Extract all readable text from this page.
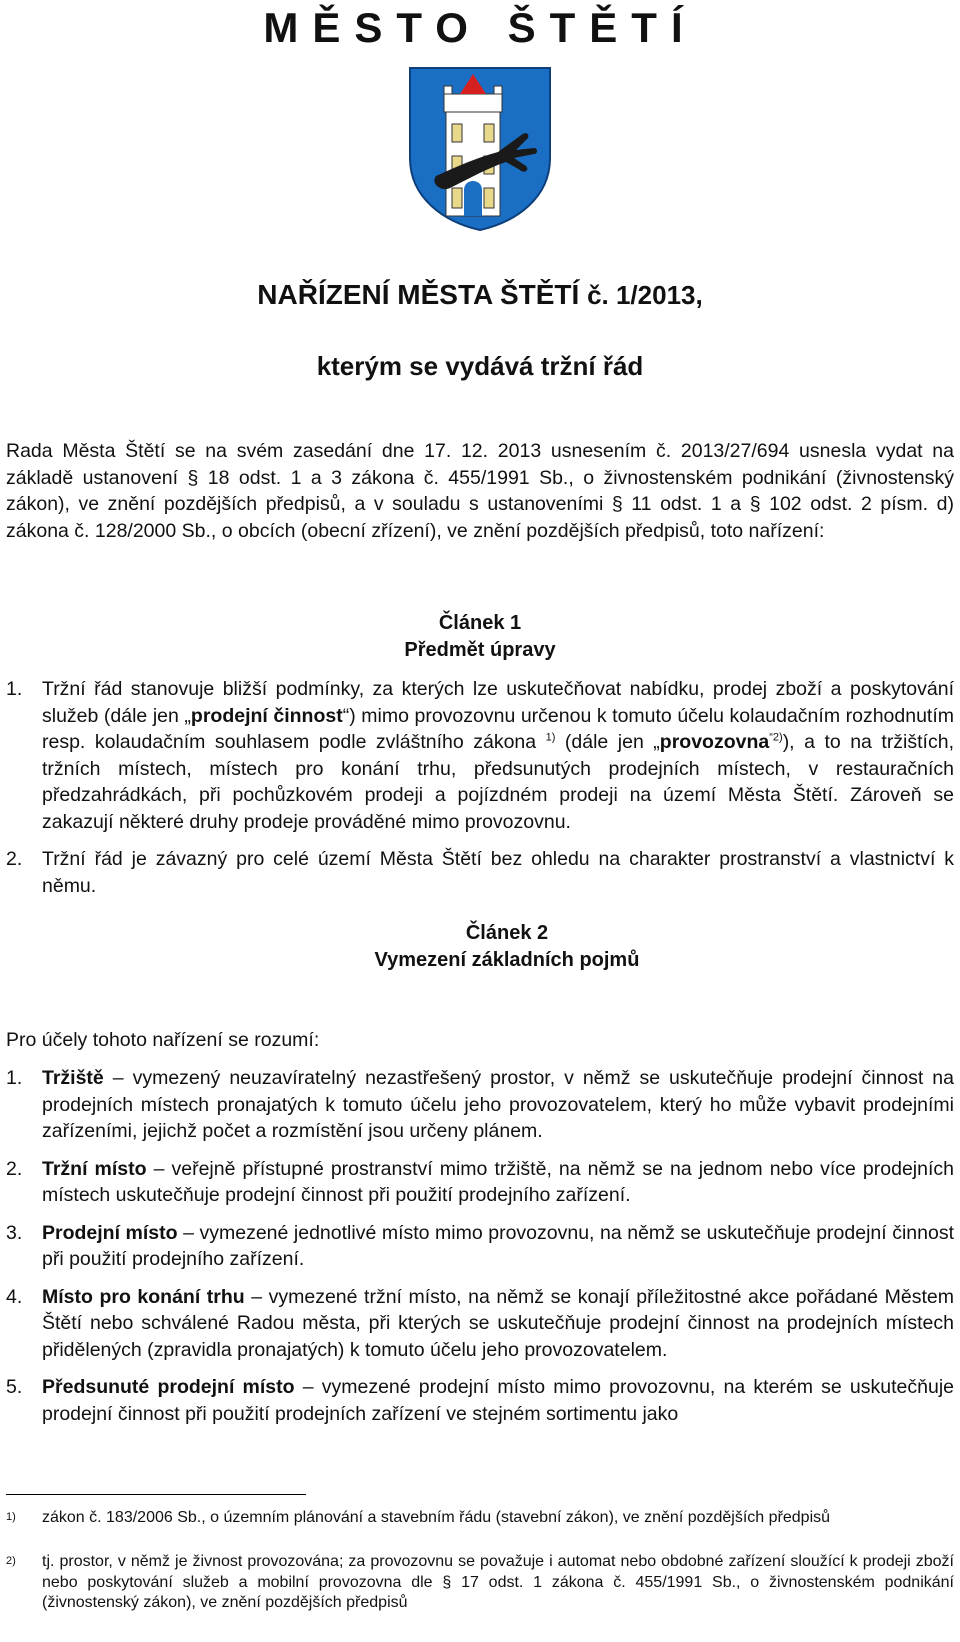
MĚSTO ŠTĚTÍ
NAŘÍZENÍ MĚSTA ŠTĚTÍ č. 1/2013,
kterým se vydává tržní řád
Rada Města Štětí se na svém zasedání dne 17. 12. 2013 usnesením č. 2013/27/694 usnesla vydat na základě ustanovení § 18 odst. 1 a 3 zákona č. 455/1991 Sb., o živnostenském podnikání (živnostenský zákon), ve znění pozdějších předpisů, a v souladu s ustanoveními § 11 odst. 1 a § 102 odst. 2 písm. d) zákona č. 128/2000 Sb., o obcích (obecní zřízení), ve znění pozdějších předpisů, toto nařízení:
Článek 1
Předmět úpravy
1.	Tržní řád stanovuje bližší podmínky, za kterých lze uskutečňovat nabídku, prodej zboží a poskytování služeb (dále jen „prodejní činnost“) mimo provozovnu určenou k tomuto účelu kolaudačním rozhodnutím resp. kolaudačním souhlasem podle zvláštního zákona $^{1)}$ (dále jen „provozovna$^{“2)}$), a to na tržištích, tržních místech, místech pro konání trhu, předsunutých prodejních místech, v restauračních předzahrádkách, při pochůzkovém prodeji a pojízdném prodeji na území Města Štětí. Zároveň se zakazují některé druhy prodeje prováděné mimo provozovnu.
2.	Tržní řád je závazný pro celé území Města Štětí bez ohledu na charakter prostranství a vlastnictví k němu.
Článek 2
Vymezení základních pojmů
Pro účely tohoto nařízení se rozumí:
1.	Tržiště – vymezený neuzavíratelný nezastřešený prostor, v němž se uskutečňuje prodejní činnost na prodejních místech pronajatých k tomuto účelu jeho provozovatelem, který ho může vybavit prodejními zařízeními, jejichž počet a rozmístění jsou určeny plánem.
2.	Tržní místo – veřejně přístupné prostranství mimo tržiště, na němž se na jednom nebo více prodejních místech uskutečňuje prodejní činnost při použití prodejního zařízení.
3.	Prodejní místo – vymezené jednotlivé místo mimo provozovnu, na němž se uskutečňuje prodejní činnost při použití prodejního zařízení.
4.	Místo pro konání trhu – vymezené tržní místo, na němž se konají příležitostné akce pořádané Městem Štětí nebo schválené Radou města, při kterých se uskutečňuje prodejní činnost na prodejních místech přidělených (zpravidla pronajatých) k tomuto účelu jeho provozovatelem.
5.	Předsunuté prodejní místo – vymezené prodejní místo mimo provozovnu, na kterém se uskutečňuje prodejní činnost při použití prodejních zařízení ve stejném sortimentu jako
1)	zákon č. 183/2006 Sb., o územním plánování a stavebním řádu (stavební zákon), ve znění pozdějších předpisů
2)	tj. prostor, v němž je živnost provozována; za provozovnu se považuje i automat nebo obdobné zařízení sloužící k prodeji zboží nebo poskytování služeb a mobilní provozovna dle § 17 odst. 1 zákona č. 455/1991 Sb., o živnostenském podnikání (živnostenský zákon), ve znění pozdějších předpisů
